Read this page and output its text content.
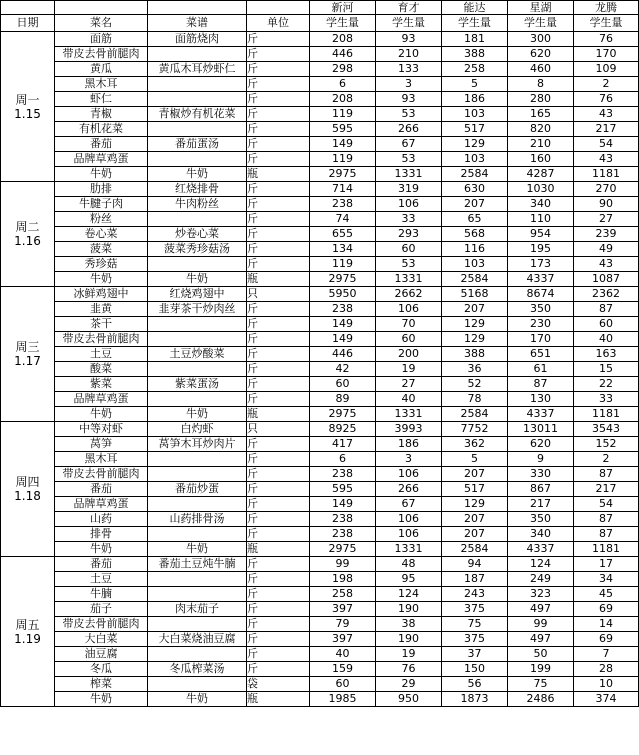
				新河	育才	能达	星湖	龙腾
日期	菜名	菜谱	单位	学生量	学生量	学生量	学生量	学生量

周一
1.15	面筋	面筋烧肉	斤	208	93	181	300	76
	带皮去骨前腿肉		斤	446	210	388	620	170
	黄瓜	黄瓜木耳炒虾仁	斤	298	133	258	460	109
	黑木耳		斤	6	3	5	8	2
	虾仁		斤	208	93	186	280	76
	青椒	青椒炒有机花菜	斤	119	53	103	165	43
	有机花菜		斤	595	266	517	820	217
	番茄	番茄蛋汤	斤	149	67	129	210	54
	品牌草鸡蛋		斤	119	53	103	160	43
	牛奶	牛奶	瓶	2975	1331	2584	4287	1181

周二
1.16	肋排	红烧排骨	斤	714	319	630	1030	270
	牛腱子肉	牛肉粉丝	斤	238	106	207	340	90
	粉丝		斤	74	33	65	110	27
	卷心菜	炒卷心菜	斤	655	293	568	954	239
	菠菜	菠菜秀珍菇汤	斤	134	60	116	195	49
	秀珍菇		斤	119	53	103	173	43
	牛奶	牛奶	瓶	2975	1331	2584	4337	1087

周三
1.17	冰鲜鸡翅中	红烧鸡翅中	只	5950	2662	5168	8674	2362
	韭黄	韭芽茶干炒肉丝	斤	238	106	207	350	87
	茶干		斤	149	70	129	230	60
	带皮去骨前腿肉		斤	149	60	129	170	40
	土豆	土豆炒酸菜	斤	446	200	388	651	163
	酸菜		斤	42	19	36	61	15
	紫菜	紫菜蛋汤	斤	60	27	52	87	22
	品牌草鸡蛋		斤	89	40	78	130	33
	牛奶	牛奶	瓶	2975	1331	2584	4337	1181

周四
1.18	中等对虾	白灼虾	只	8925	3993	7752	13011	3543
	莴笋	莴笋木耳炒肉片	斤	417	186	362	620	152
	黑木耳		斤	6	3	5	9	2
	带皮去骨前腿肉		斤	238	106	207	330	87
	番茄	番茄炒蛋	斤	595	266	517	867	217
	品牌草鸡蛋		斤	149	67	129	217	54
	山药	山药排骨汤	斤	238	106	207	350	87
	排骨		斤	238	106	207	340	87
	牛奶	牛奶	瓶	2975	1331	2584	4337	1181

周五
1.19	番茄	番茄土豆炖牛腩	斤	99	48	94	124	17
	土豆		斤	198	95	187	249	34
	牛腩		斤	258	124	243	323	45
	茄子	肉末茄子	斤	397	190	375	497	69
	带皮去骨前腿肉		斤	79	38	75	99	14
	大白菜	大白菜烧油豆腐	斤	397	190	375	497	69
	油豆腐		斤	40	19	37	50	7
	冬瓜	冬瓜榨菜汤	斤	159	76	150	199	28
	榨菜		袋	60	29	56	75	10
	牛奶	牛奶	瓶	1985	950	1873	2486	374
